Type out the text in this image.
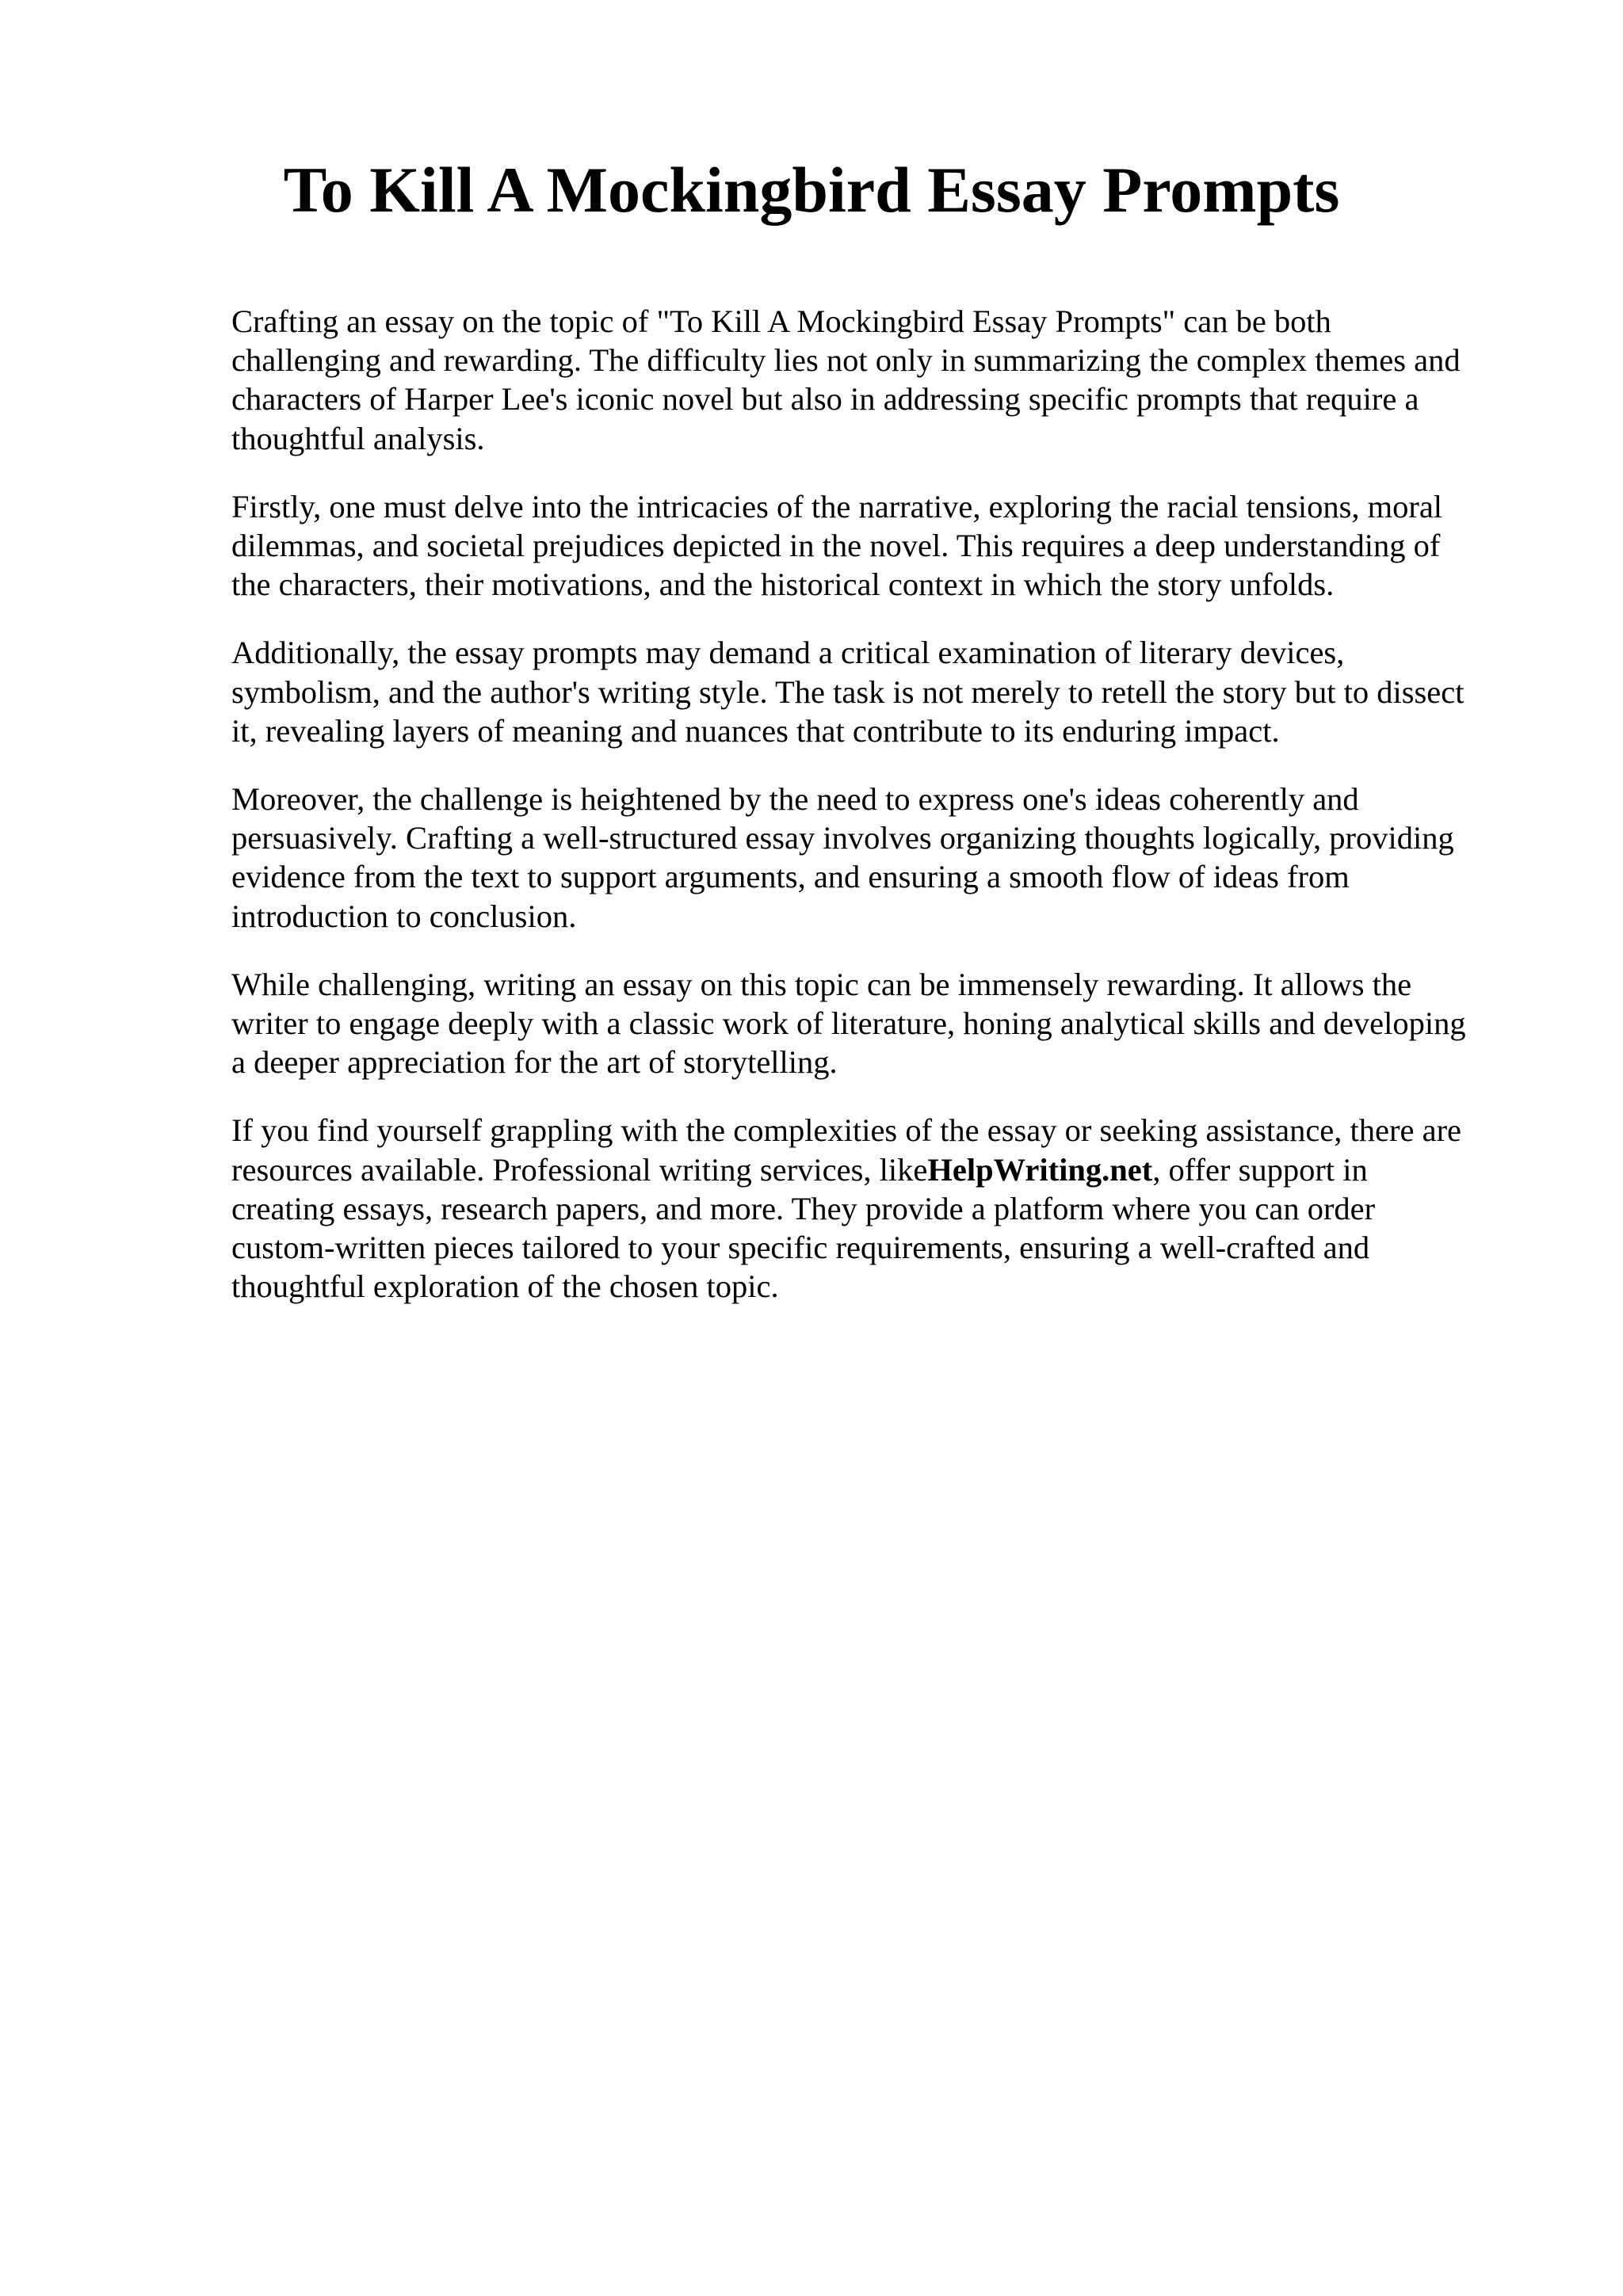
To Kill A Mockingbird Essay Prompts

Crafting an essay on the topic of "To Kill A Mockingbird Essay Prompts" can be both
challenging and rewarding. The difficulty lies not only in summarizing the complex themes and
characters of Harper Lee's iconic novel but also in addressing specific prompts that require a
thoughtful analysis.

Firstly, one must delve into the intricacies of the narrative, exploring the racial tensions, moral
dilemmas, and societal prejudices depicted in the novel. This requires a deep understanding of
the characters, their motivations, and the historical context in which the story unfolds.

Additionally, the essay prompts may demand a critical examination of literary devices,
symbolism, and the author's writing style. The task is not merely to retell the story but to dissect
it, revealing layers of meaning and nuances that contribute to its enduring impact.

Moreover, the challenge is heightened by the need to express one's ideas coherently and
persuasively. Crafting a well-structured essay involves organizing thoughts logically, providing
evidence from the text to support arguments, and ensuring a smooth flow of ideas from
introduction to conclusion.

While challenging, writing an essay on this topic can be immensely rewarding. It allows the
writer to engage deeply with a classic work of literature, honing analytical skills and developing
a deeper appreciation for the art of storytelling.

If you find yourself grappling with the complexities of the essay or seeking assistance, there are
resources available. Professional writing services, likeHelpWriting.net, offer support in
creating essays, research papers, and more. They provide a platform where you can order
custom-written pieces tailored to your specific requirements, ensuring a well-crafted and
thoughtful exploration of the chosen topic.
